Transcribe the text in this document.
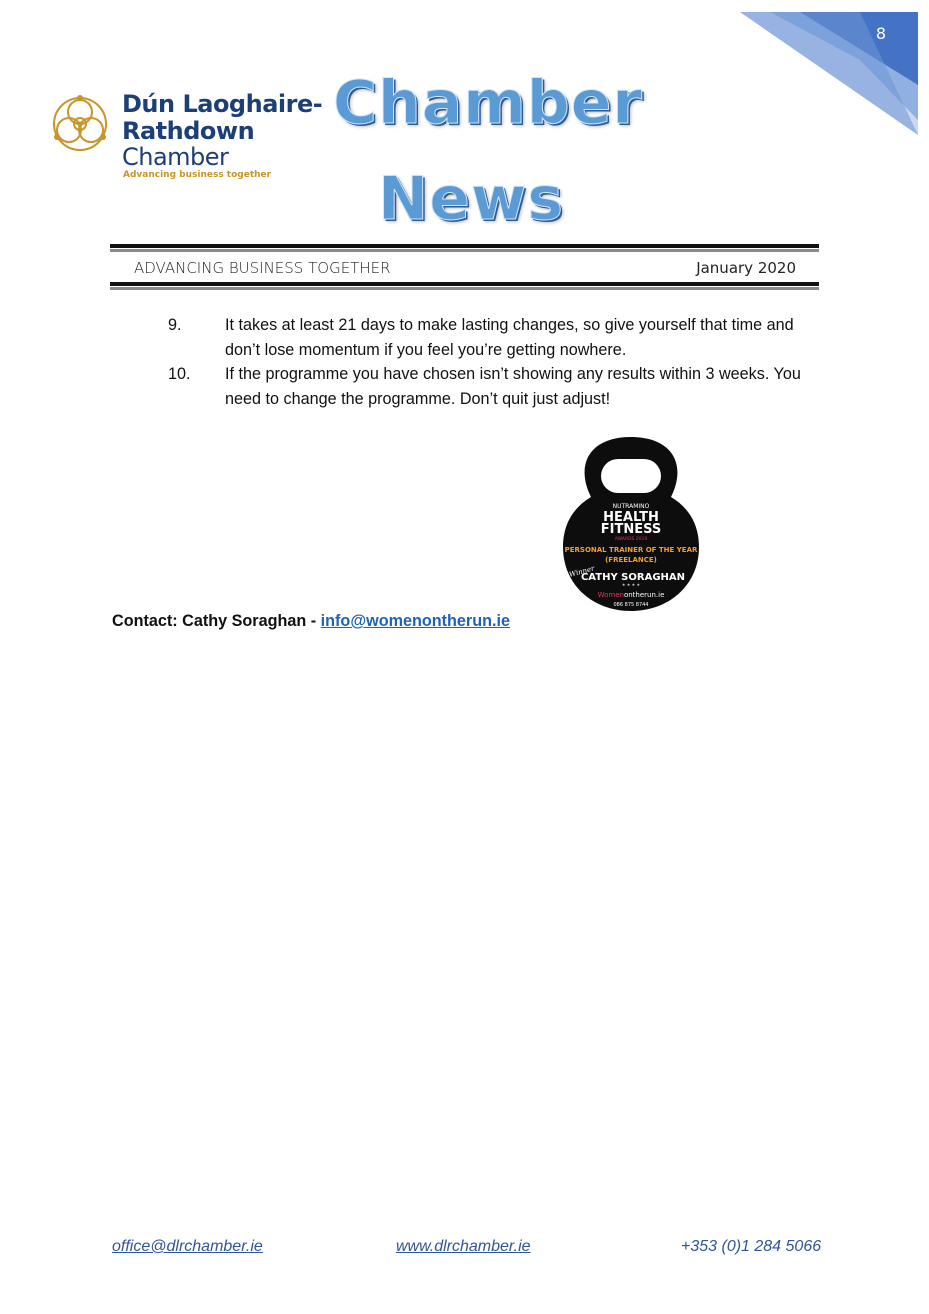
8
Dún Laoghaire-
Rathdown
Chamber
Advancing business together
Chamber
News
ADVANCING BUSINESS TOGETHER	January 2020
9.	It takes at least 21 days to make lasting changes, so give yourself that time and don’t lose momentum if you feel you’re getting nowhere.
10. If the programme you have chosen isn’t showing any results within 3 weeks. You need to change the programme. Don’t quit just adjust!
NUTRAMINO
HEALTH
FITNESS
AWARDS 2019
PERSONAL TRAINER OF THE YEAR
(FREELANCE)
Winner
CATHY SORAGHAN
★ ★ ★ ★
Womenontherun.ie
086 875 8744
Contact: Cathy Soraghan - info@womenontherun.ie
office@dlrchamber.ie	www.dlrchamber.ie	+353 (0)1 284 5066
